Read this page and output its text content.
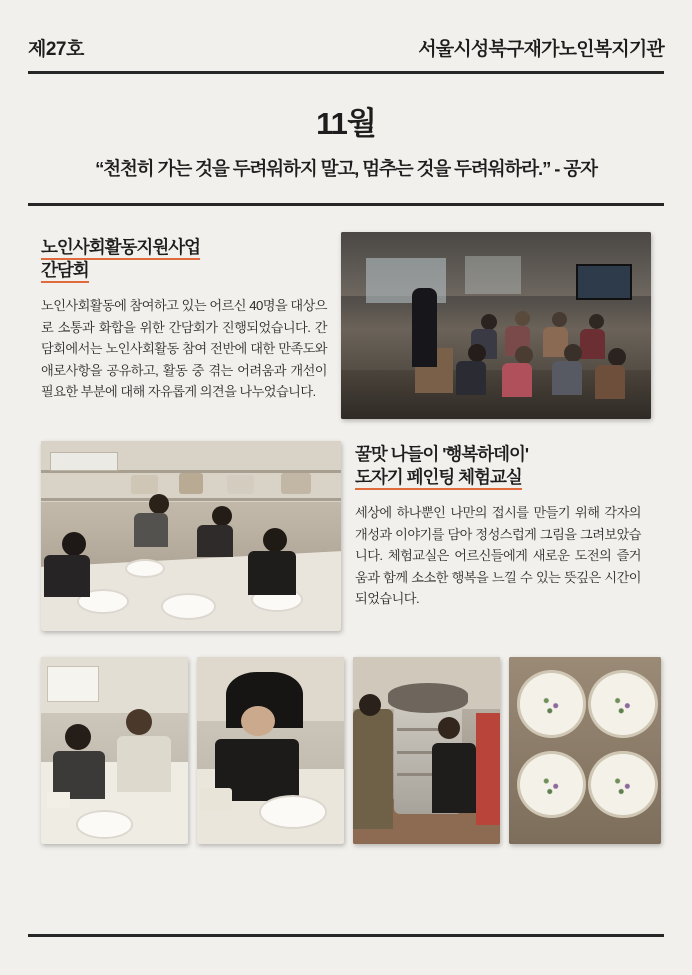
제27호	서울시성북구재가노인복지기관
11월
“천천히 가는 것을 두려워하지 말고, 멈추는 것을 두려워하라.” - 공자
노인사회활동지원사업
간담회

노인사회활동에 참여하고 있는 어르신 40명을 대상으로 소통과 화합을 위한 간담회가 진행되었습니다. 간담회에서는 노인사회활동 참여 전반에 대한 만족도와 애로사항을 공유하고, 활동 중 겪는 어려움과 개선이 필요한 부분에 대해 자유롭게 의견을 나누었습니다.

꿀맛 나들이 '행복하데이'
도자기 페인팅 체험교실

세상에 하나뿐인 나만의 접시를 만들기 위해 각자의 개성과 이야기를 담아 정성스럽게 그림을 그려보았습니다. 체험교실은 어르신들에게 새로운 도전의 즐거움과 함께 소소한 행복을 느낄 수 있는 뜻깊은 시간이 되었습니다.
